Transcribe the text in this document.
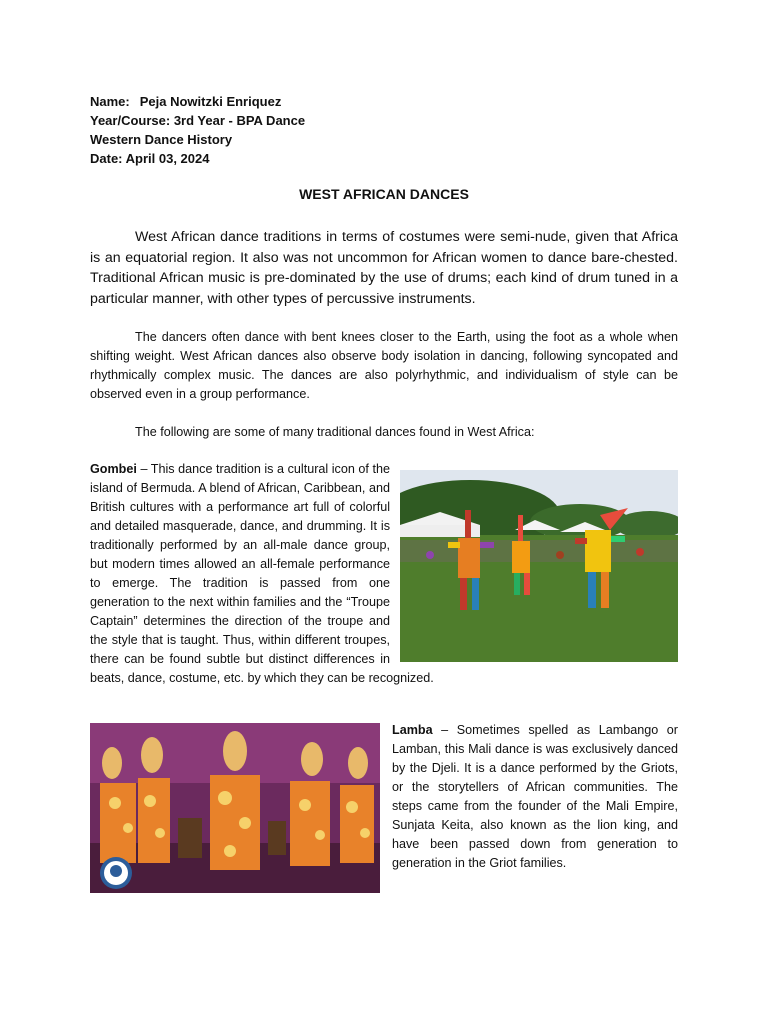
Name: Peja Nowitzki Enriquez
Year/Course: 3rd Year - BPA Dance
Western Dance History
Date: April 03, 2024
WEST AFRICAN DANCES

West African dance traditions in terms of costumes were semi-nude, given that Africa is an equatorial region. It also was not uncommon for African women to dance bare-chested. Traditional African music is pre-dominated by the use of drums; each kind of drum tuned in a particular manner, with other types of percussive instruments.

The dancers often dance with bent knees closer to the Earth, using the foot as a whole when shifting weight. West African dances also observe body isolation in dancing, following syncopated and rhythmically complex music. The dances are also polyrhythmic, and individualism of style can be observed even in a group performance.

The following are some of many traditional dances found in West Africa:

Gombei – This dance tradition is a cultural icon of the island of Bermuda. A blend of African, Caribbean, and British cultures with a performance art full of colorful and detailed masquerade, dance, and drumming. It is traditionally performed by an all-male dance group, but modern times allowed an all-female performance to emerge. The tradition is passed from one generation to the next within families and the “Troupe Captain” determines the direction of the troupe and the style that is taught. Thus, within different troupes, there can be found subtle but distinct differences in beats, dance, costume, etc. by which they can be recognized.
Lamba – Sometimes spelled as Lambango or Lamban, this Mali dance is was exclusively danced by the Djeli. It is a dance performed by the Griots, or the storytellers of African communities. The steps came from the founder of the Mali Empire, Sunjata Keita, also known as the lion king, and have been passed down from generation to generation in the Griot families.
